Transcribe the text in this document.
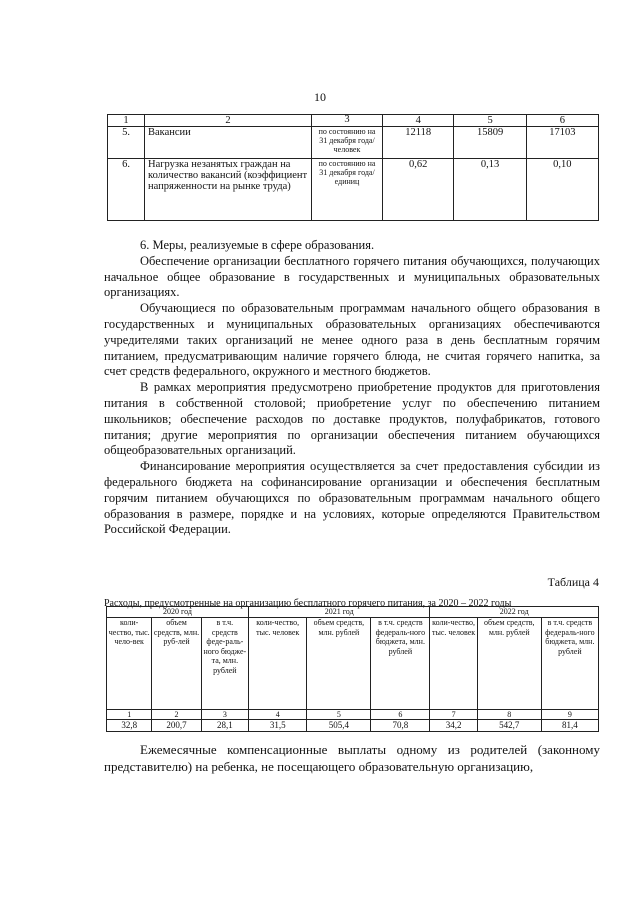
10
1	2	3	4	5	6
5.	Вакансии	по состоянию на 31 декабря года/ человек	12118	15809	17103
6.	Нагрузка незанятых граждан на количество вакансий (коэффициент напряженности на рынке труда)	по состоянию на 31 декабря года/ единиц	0,62	0,13	0,10

6. Меры, реализуемые в сфере образования.

Обеспечение организации бесплатного горячего питания обучающихся, получающих начальное общее образование в государственных и муниципальных образовательных организациях.

Обучающиеся по образовательным программам начального общего образования в государственных и муниципальных образовательных организациях обеспечиваются учредителями таких организаций не менее одного раза в день бесплатным горячим питанием, предусматривающим наличие горячего блюда, не считая горячего напитка, за счет средств федерального, окружного и местного бюджетов.

В рамках мероприятия предусмотрено приобретение продуктов для приготовления питания в собственной столовой; приобретение услуг по обеспечению питанием школьников; обеспечение расходов по доставке продуктов, полуфабрикатов, готового питания; другие мероприятия по организации обеспечения питанием обучающихся общеобразовательных организаций.

Финансирование мероприятия осуществляется за счет предоставления субсидии из федерального бюджета на софинансирование организации и обеспечения бесплатным горячим питанием обучающихся по образовательным программам начального общего образования в размере, порядке и на условиях, которые определяются Правительством Российской Федерации.

Таблица 4
Расходы, предусмотренные на организацию бесплатного горячего питания, за 2020 – 2022 годы
2020 год			2021 год			2022 год		
коли-чество, тыс. чело-век	объем средств, млн. руб-лей	в т.ч. средств феде-раль-ного бюдже-та, млн. рублей	коли-чество, тыс. человек	объем средств, млн. рублей	в т.ч. средств федераль-ного бюджета, млн. рублей	коли-чество, тыс. человек	объем средств, млн. рублей	в т.ч. средств федераль-ного бюджета, млн. рублей
1	2	3	4	5	6	7	8	9
32,8	200,7	28,1	31,5	505,4	70,8	34,2	542,7	81,4

Ежемесячные компенсационные выплаты одному из родителей (законному представителю) на ребенка, не посещающего образовательную организацию,
